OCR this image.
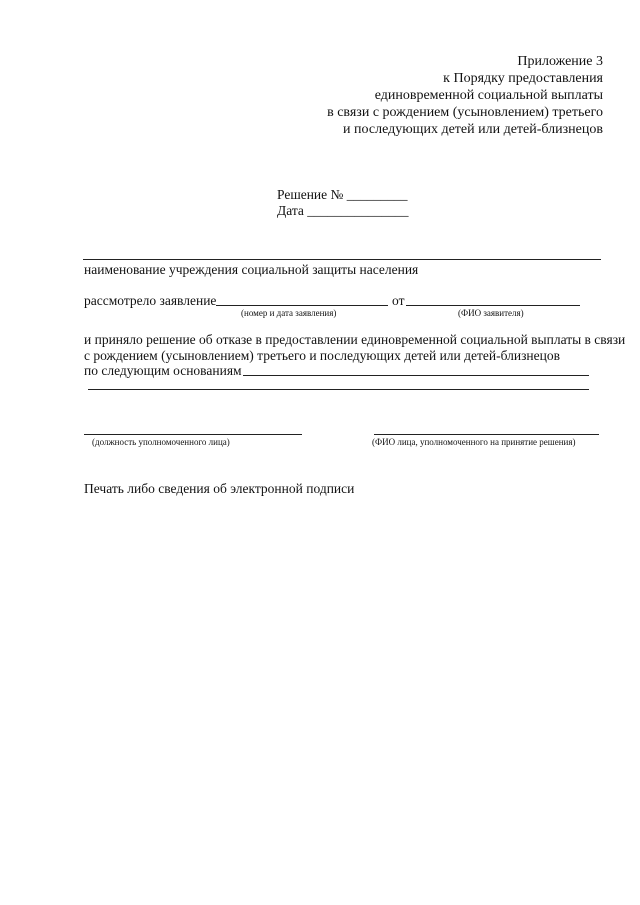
Приложение 3
к Порядку предоставления
единовременной социальной выплаты
в связи с рождением (усыновлением) третьего
и последующих детей или детей-близнецов
Решение № _________
Дата _______________
наименование учреждения социальной защиты населения
рассмотрело заявление	от
(номер и дата заявления)	(ФИО заявителя)
и приняло решение об отказе в предоставлении единовременной социальной выплаты в связи
с рождением (усыновлением) третьего и последующих детей или детей-близнецов
по следующим основаниям
(должность уполномоченного лица)	(ФИО лица, уполномоченного на принятие решения)
Печать либо сведения об электронной подписи
